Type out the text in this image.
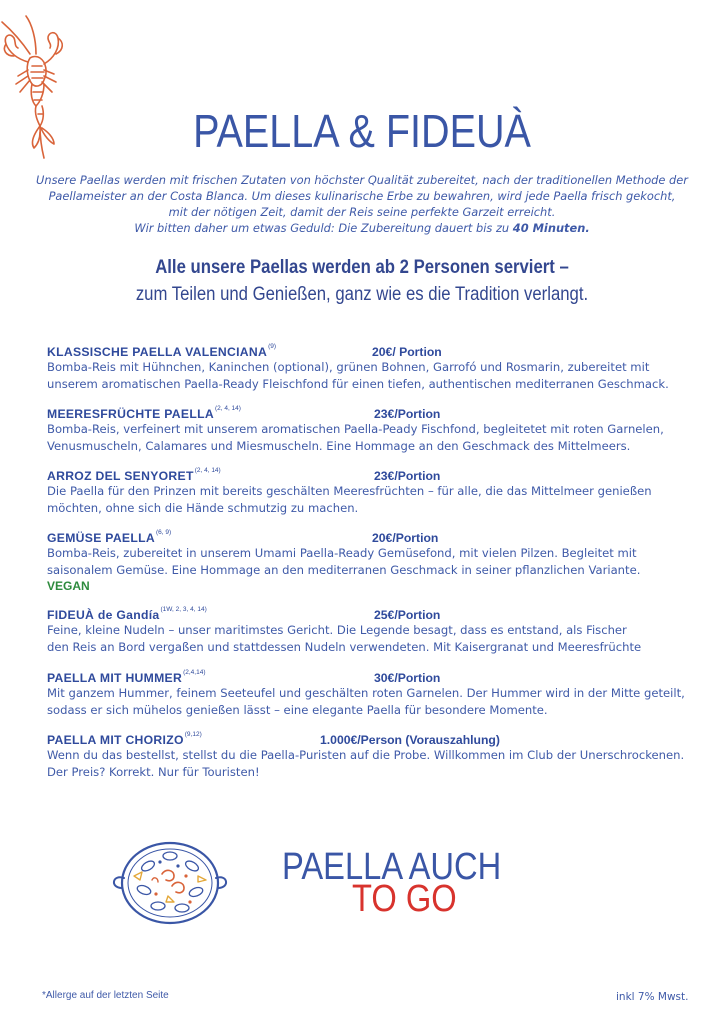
PAELLA & FIDEUÀ
Unsere Paellas werden mit frischen Zutaten von höchster Qualität zubereitet, nach der traditionellen Methode der
Paellameister an der Costa Blanca. Um dieses kulinarische Erbe zu bewahren, wird jede Paella frisch gekocht,
mit der nötigen Zeit, damit der Reis seine perfekte Garzeit erreicht.
Wir bitten daher um etwas Geduld: Die Zubereitung dauert bis zu 40 Minuten.
Alle unsere Paellas werden ab 2 Personen serviert –
zum Teilen und Genießen, ganz wie es die Tradition verlangt.
KLASSISCHE PAELLA VALENCIANA$^{(9)}$	20€/ Portion
Bomba-Reis mit Hühnchen, Kaninchen (optional), grünen Bohnen, Garrofó und Rosmarin, zubereitet mit
unserem aromatischen Paella-Ready Fleischfond für einen tiefen, authentischen mediterranen Geschmack.
MEERESFRÜCHTE PAELLA$^{(2, 4, 14)}$	23€/Portion
Bomba-Reis, verfeinert mit unserem aromatischen Paella-Peady Fischfond, begleitetet mit roten Garnelen,
Venusmuscheln, Calamares und Miesmuscheln. Eine Hommage an den Geschmack des Mittelmeers.
ARROZ DEL SENYORET$^{(2, 4, 14)}$	23€/Portion
Die Paella für den Prinzen mit bereits geschälten Meeresfrüchten – für alle, die das Mittelmeer genießen
möchten, ohne sich die Hände schmutzig zu machen.
GEMÜSE PAELLA$^{(6, 9)}$	20€/Portion
Bomba-Reis, zubereitet in unserem Umami Paella-Ready Gemüsefond, mit vielen Pilzen. Begleitet mit
saisonalem Gemüse. Eine Hommage an den mediterranen Geschmack in seiner pflanzlichen Variante.
VEGAN
FIDEUÀ de Gandía$^{(1W, 2, 3, 4, 14)}$	25€/Portion
Feine, kleine Nudeln – unser maritimstes Gericht. Die Legende besagt, dass es entstand, als Fischer
den Reis an Bord vergaßen und stattdessen Nudeln verwendeten. Mit Kaisergranat und Meeresfrüchte
PAELLA MIT HUMMER$^{(2,4,14)}$	30€/Portion
Mit ganzem Hummer, feinem Seeteufel und geschälten roten Garnelen. Der Hummer wird in der Mitte geteilt,
sodass er sich mühelos genießen lässt – eine elegante Paella für besondere Momente.
PAELLA MIT CHORIZO$^{(9,12)}$	1.000€/Person (Vorauszahlung)
Wenn du das bestellst, stellst du die Paella-Puristen auf die Probe. Willkommen im Club der Unerschrockenen.
Der Preis? Korrekt. Nur für Touristen!
PAELLA AUCH
TO GO
*Allerge auf der letzten Seite	inkl 7% Mwst.
